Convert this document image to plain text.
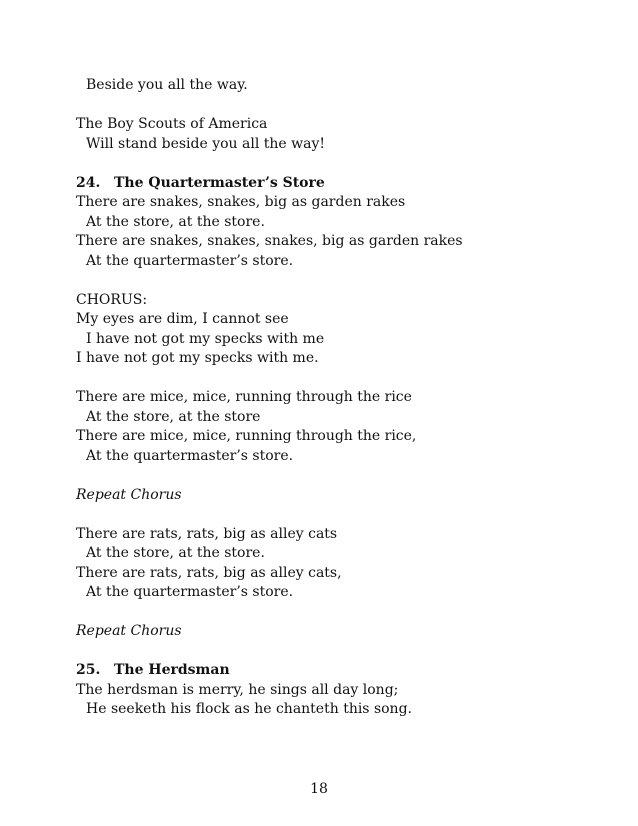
Beside you all the way.
The Boy Scouts of America
Will stand beside you all the way!
24. The Quartermaster’s Store
There are snakes, snakes, big as garden rakes
At the store, at the store.
There are snakes, snakes, snakes, big as garden rakes
At the quartermaster’s store.
CHORUS:
My eyes are dim, I cannot see
I have not got my specks with me
I have not got my specks with me.
There are mice, mice, running through the rice
At the store, at the store
There are mice, mice, running through the rice,
At the quartermaster’s store.
Repeat Chorus
There are rats, rats, big as alley cats
At the store, at the store.
There are rats, rats, big as alley cats,
At the quartermaster’s store.
Repeat Chorus
25. The Herdsman
The herdsman is merry, he sings all day long;
He seeketh his flock as he chanteth this song.
18
